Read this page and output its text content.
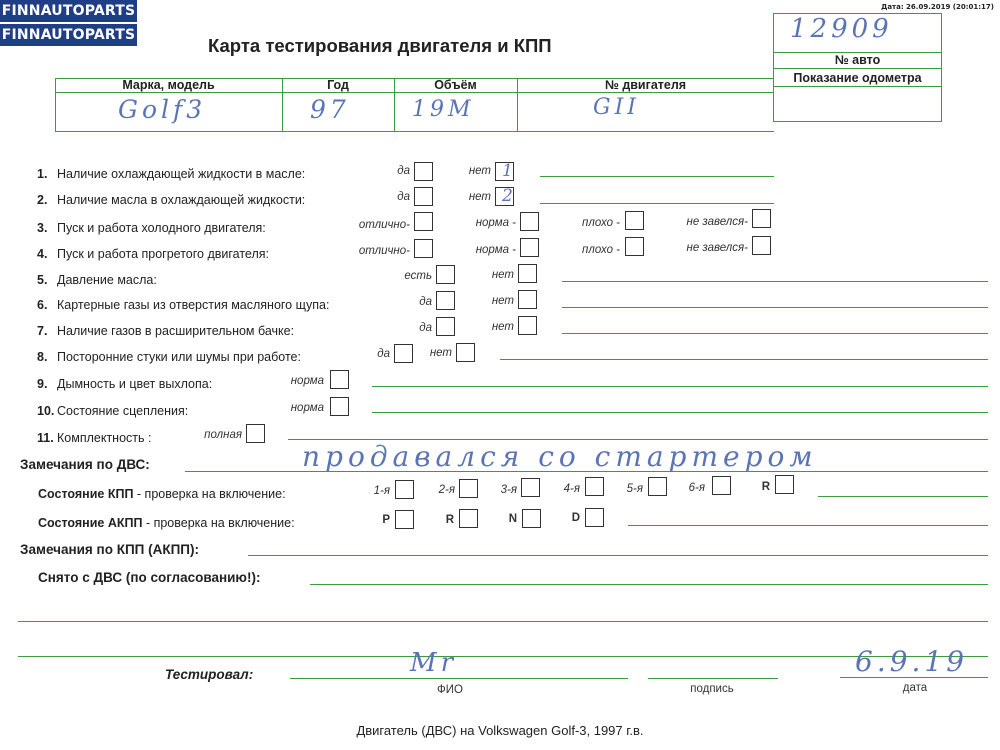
FINNAUTOPARTS
FINNAUTOPARTS
Дата: 26.09.2019 (20:01:17)
Карта тестирования двигателя и КПП
12909
№ авто
Показание одометра
Марка, модель	Год	Объём	№ двигателя
Golf3	97	19M	GII
1. Наличие охлаждающей жидкости в масле:	да	нет 1
2. Наличие масла в охлаждающей жидкости:	да	нет 2
3. Пуск и работа холодного двигателя:	отлично-	норма -	плохо -	не завелся-
4. Пуск и работа прогретого двигателя:	отлично-	норма -	плохо -	не завелся-
5. Давление масла:	есть	нет
6. Картерные газы из отверстия масляного щупа:	да	нет
7. Наличие газов в расширительном бачке:	да	нет
8. Посторонние стуки или шумы при работе:	да	нет
9. Дымность и цвет выхлопа:	норма
10. Состояние сцепления:	норма
11. Комплектность :	полная
Замечания по ДВС:	продавался со стартером
Состояние КПП - проверка на включение:	1-я	2-я	3-я	4-я	5-я	6-я	R
Состояние АКПП - проверка на включение:	P	R	N	D
Замечания по КПП (АКПП):
Снято с ДВС (по согласованию!):
Тестировал:	Mr	6.9.19
ФИО	подпись	дата
Двигатель (ДВС) на Volkswagen Golf-3, 1997 г.в.
